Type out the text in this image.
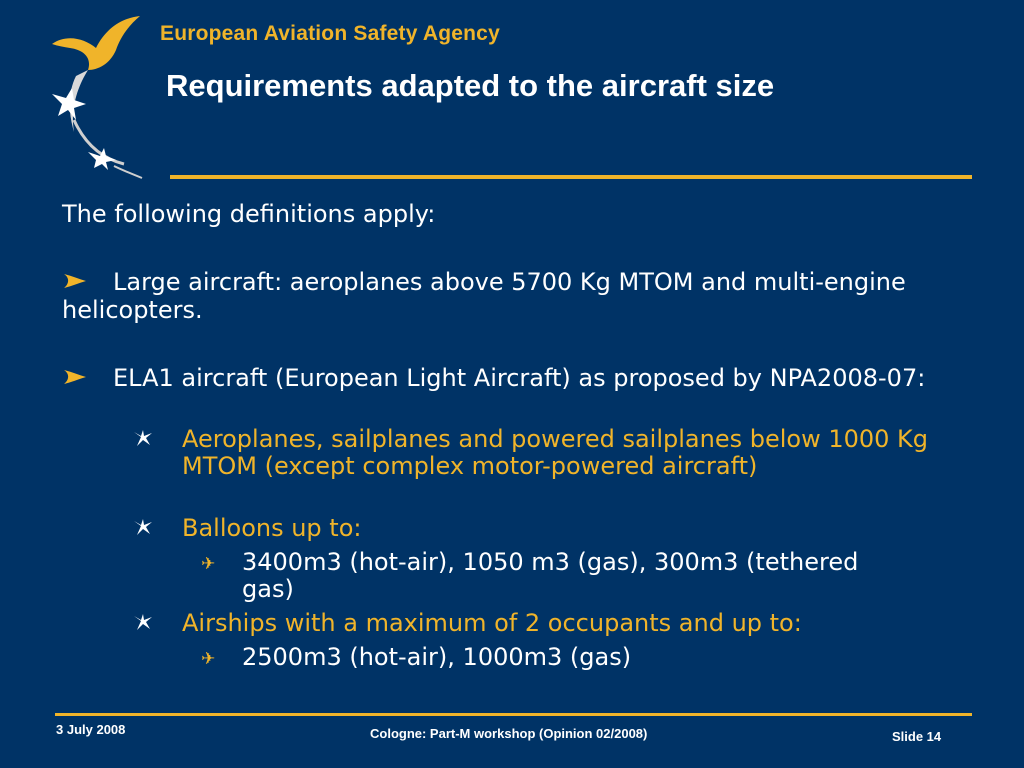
European Aviation Safety Agency
Requirements adapted to the aircraft size
The following definitions apply:
Large aircraft: aeroplanes above 5700 Kg MTOM and multi-engine helicopters.
ELA1 aircraft (European Light Aircraft) as proposed by NPA2008-07:
Aeroplanes, sailplanes and powered sailplanes below 1000 Kg MTOM (except complex motor-powered aircraft)
Balloons up to:
✈ 3400m3 (hot-air), 1050 m3 (gas), 300m3 (tethered gas)
Airships with a maximum of 2 occupants and up to:
✈ 2500m3 (hot-air), 1000m3 (gas)
3 July 2008	Cologne: Part-M workshop (Opinion 02/2008)	Slide 14
